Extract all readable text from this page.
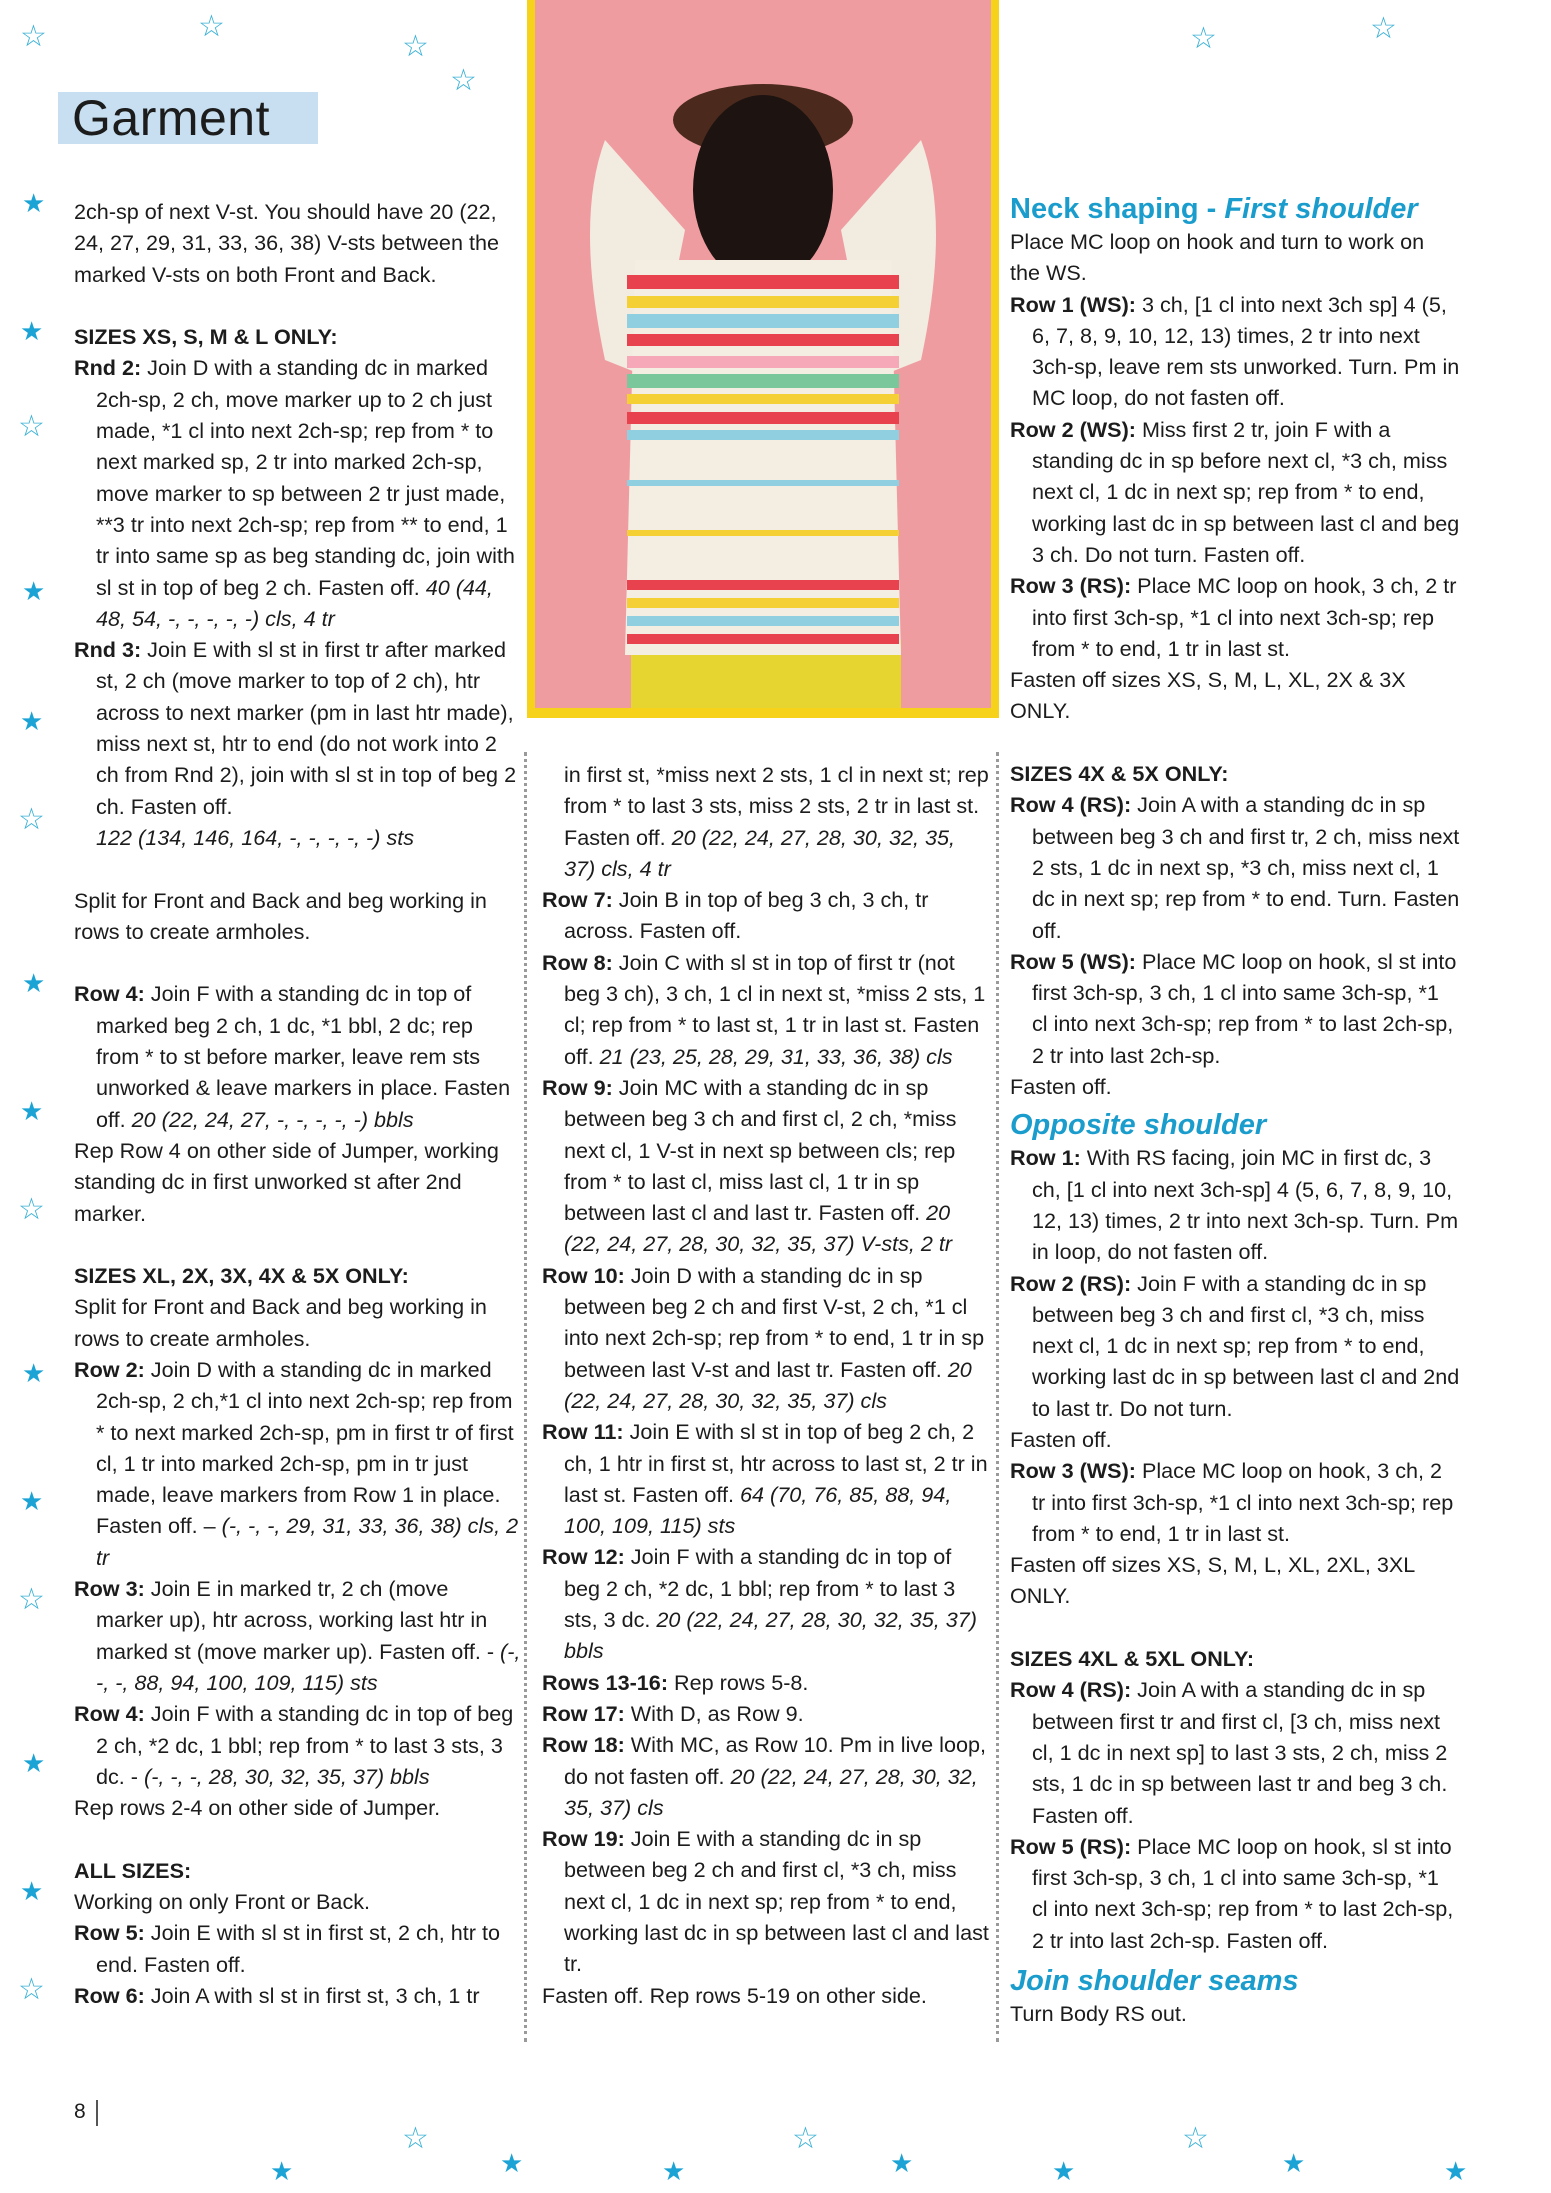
☆	☆
☆
☆
☆	☆
★
★
☆
★
★
☆
★
★
☆
★
★
☆
★
★
☆
★
☆
★	★
☆
★	★
☆
★	★
Garment

2ch-sp of next V-st. You should have 20 (22, 24, 27, 29, 31, 33, 36, 38) V-sts between the marked V-sts on both Front and Back.

SIZES XS, S, M & L ONLY:

Rnd 2: Join D with a standing dc in marked 2ch-sp, 2 ch, move marker up to 2 ch just made, *1 cl into next 2ch-sp; rep from * to next marked sp, 2 tr into marked 2ch-sp, move marker to sp between 2 tr just made, **3 tr into next 2ch-sp; rep from ** to end, 1 tr into same sp as beg standing dc, join with sl st in top of beg 2 ch. Fasten off. 40 (44, 48, 54, -, -, -, -, -) cls, 4 tr

Rnd 3: Join E with sl st in first tr after marked st, 2 ch (move marker to top of 2 ch), htr across to next marker (pm in last htr made), miss next st, htr to end (do not work into 2 ch from Rnd 2), join with sl st in top of beg 2 ch. Fasten off.
122 (134, 146, 164, -, -, -, -, -) sts

Split for Front and Back and beg working in rows to create armholes.

Row 4: Join F with a standing dc in top of marked beg 2 ch, 1 dc, *1 bbl, 2 dc; rep from * to st before marker, leave rem sts unworked & leave markers in place. Fasten off. 20 (22, 24, 27, -, -, -, -, -) bbls

Rep Row 4 on other side of Jumper, working standing dc in first unworked st after 2nd marker.

SIZES XL, 2X, 3X, 4X & 5X ONLY:

Split for Front and Back and beg working in rows to create armholes.

Row 2: Join D with a standing dc in marked 2ch-sp, 2 ch,*1 cl into next 2ch-sp; rep from * to next marked 2ch-sp, pm in first tr of first cl, 1 tr into marked 2ch-sp, pm in tr just made, leave markers from Row 1 in place. Fasten off. – (-, -, -, 29, 31, 33, 36, 38) cls, 2 tr

Row 3: Join E in marked tr, 2 ch (move marker up), htr across, working last htr in marked st (move marker up). Fasten off. - (-, -, -, 88, 94, 100, 109, 115) sts

Row 4: Join F with a standing dc in top of beg 2 ch, *2 dc, 1 bbl; rep from * to last 3 sts, 3 dc. - (-, -, -, 28, 30, 32, 35, 37) bbls

Rep rows 2-4 on other side of Jumper.

ALL SIZES:

Working on only Front or Back.

Row 5: Join E with sl st in first st, 2 ch, htr to end. Fasten off.

Row 6: Join A with sl st in first st, 3 ch, 1 tr

in first st, *miss next 2 sts, 1 cl in next st; rep from * to last 3 sts, miss 2 sts, 2 tr in last st. Fasten off. 20 (22, 24, 27, 28, 30, 32, 35, 37) cls, 4 tr

Row 7: Join B in top of beg 3 ch, 3 ch, tr across. Fasten off.

Row 8: Join C with sl st in top of first tr (not beg 3 ch), 3 ch, 1 cl in next st, *miss 2 sts, 1 cl; rep from * to last st, 1 tr in last st. Fasten off. 21 (23, 25, 28, 29, 31, 33, 36, 38) cls

Row 9: Join MC with a standing dc in sp between beg 3 ch and first cl, 2 ch, *miss next cl, 1 V-st in next sp between cls; rep from * to last cl, miss last cl, 1 tr in sp between last cl and last tr. Fasten off. 20 (22, 24, 27, 28, 30, 32, 35, 37) V-sts, 2 tr

Row 10: Join D with a standing dc in sp between beg 2 ch and first V-st, 2 ch, *1 cl into next 2ch-sp; rep from * to end, 1 tr in sp between last V-st and last tr. Fasten off. 20 (22, 24, 27, 28, 30, 32, 35, 37) cls

Row 11: Join E with sl st in top of beg 2 ch, 2 ch, 1 htr in first st, htr across to last st, 2 tr in last st. Fasten off. 64 (70, 76, 85, 88, 94, 100, 109, 115) sts

Row 12: Join F with a standing dc in top of beg 2 ch, *2 dc, 1 bbl; rep from * to last 3 sts, 3 dc. 20 (22, 24, 27, 28, 30, 32, 35, 37) bbls

Rows 13-16: Rep rows 5-8.

Row 17: With D, as Row 9.

Row 18: With MC, as Row 10. Pm in live loop, do not fasten off. 20 (22, 24, 27, 28, 30, 32, 35, 37) cls

Row 19: Join E with a standing dc in sp between beg 2 ch and first cl, *3 ch, miss next cl, 1 dc in next sp; rep from * to end, working last dc in sp between last cl and last tr.

Fasten off. Rep rows 5-19 on other side.

Neck shaping - First shoulder

Place MC loop on hook and turn to work on the WS.

Row 1 (WS): 3 ch, [1 cl into next 3ch sp] 4 (5, 6, 7, 8, 9, 10, 12, 13) times, 2 tr into next 3ch-sp, leave rem sts unworked. Turn. Pm in MC loop, do not fasten off.

Row 2 (WS): Miss first 2 tr, join F with a standing dc in sp before next cl, *3 ch, miss next cl, 1 dc in next sp; rep from * to end, working last dc in sp between last cl and beg 3 ch. Do not turn. Fasten off.

Row 3 (RS): Place MC loop on hook, 3 ch, 2 tr into first 3ch-sp, *1 cl into next 3ch-sp; rep from * to end, 1 tr in last st.

Fasten off sizes XS, S, M, L, XL, 2X & 3X ONLY.

SIZES 4X & 5X ONLY:

Row 4 (RS): Join A with a standing dc in sp between beg 3 ch and first tr, 2 ch, miss next 2 sts, 1 dc in next sp, *3 ch, miss next cl, 1 dc in next sp; rep from * to end. Turn. Fasten off.

Row 5 (WS): Place MC loop on hook, sl st into first 3ch-sp, 3 ch, 1 cl into same 3ch-sp, *1 cl into next 3ch-sp; rep from * to last 2ch-sp, 2 tr into last 2ch-sp.

Fasten off.

Opposite shoulder

Row 1: With RS facing, join MC in first dc, 3 ch, [1 cl into next 3ch-sp] 4 (5, 6, 7, 8, 9, 10, 12, 13) times, 2 tr into next 3ch-sp. Turn. Pm in loop, do not fasten off.

Row 2 (RS): Join F with a standing dc in sp between beg 3 ch and first cl, *3 ch, miss next cl, 1 dc in next sp; rep from * to end, working last dc in sp between last cl and 2nd to last tr. Do not turn.

Fasten off.

Row 3 (WS): Place MC loop on hook, 3 ch, 2 tr into first 3ch-sp, *1 cl into next 3ch-sp; rep from * to end, 1 tr in last st.

Fasten off sizes XS, S, M, L, XL, 2XL, 3XL ONLY.

SIZES 4XL & 5XL ONLY:

Row 4 (RS): Join A with a standing dc in sp between first tr and first cl, [3 ch, miss next cl, 1 dc in next sp] to last 3 sts, 2 ch, miss 2 sts, 1 dc in sp between last tr and beg 3 ch. Fasten off.

Row 5 (RS): Place MC loop on hook, sl st into first 3ch-sp, 3 ch, 1 cl into same 3ch-sp, *1 cl into next 3ch-sp; rep from * to last 2ch-sp, 2 tr into last 2ch-sp. Fasten off.

Join shoulder seams

Turn Body RS out.

8
